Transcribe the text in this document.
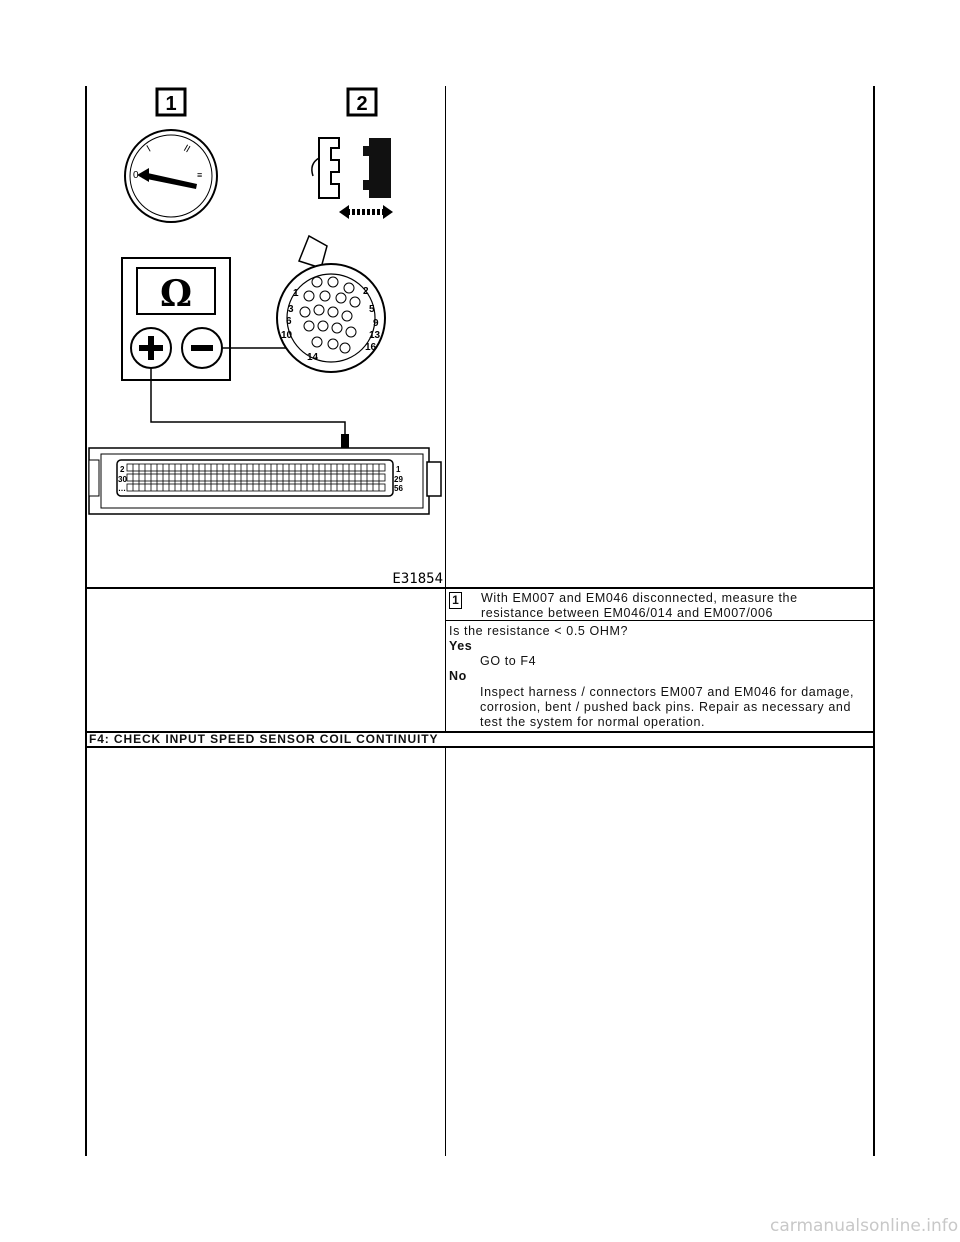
1	2
0
I	II
≡
Ω	1
3
6
10
14
2
5
9
13
16
2
30
…
1
29
56
E31854
1 With EM007 and EM046 disconnected, measure the
resistance between EM046/014 and EM007/006
Is the resistance < 0.5 OHM?
Yes
GO to F4
No
Inspect harness / connectors EM007 and EM046 for damage,
corrosion, bent / pushed back pins. Repair as necessary and
test the system for normal operation.
F4: CHECK INPUT SPEED SENSOR COIL CONTINUITY
carmanualsonline.info
